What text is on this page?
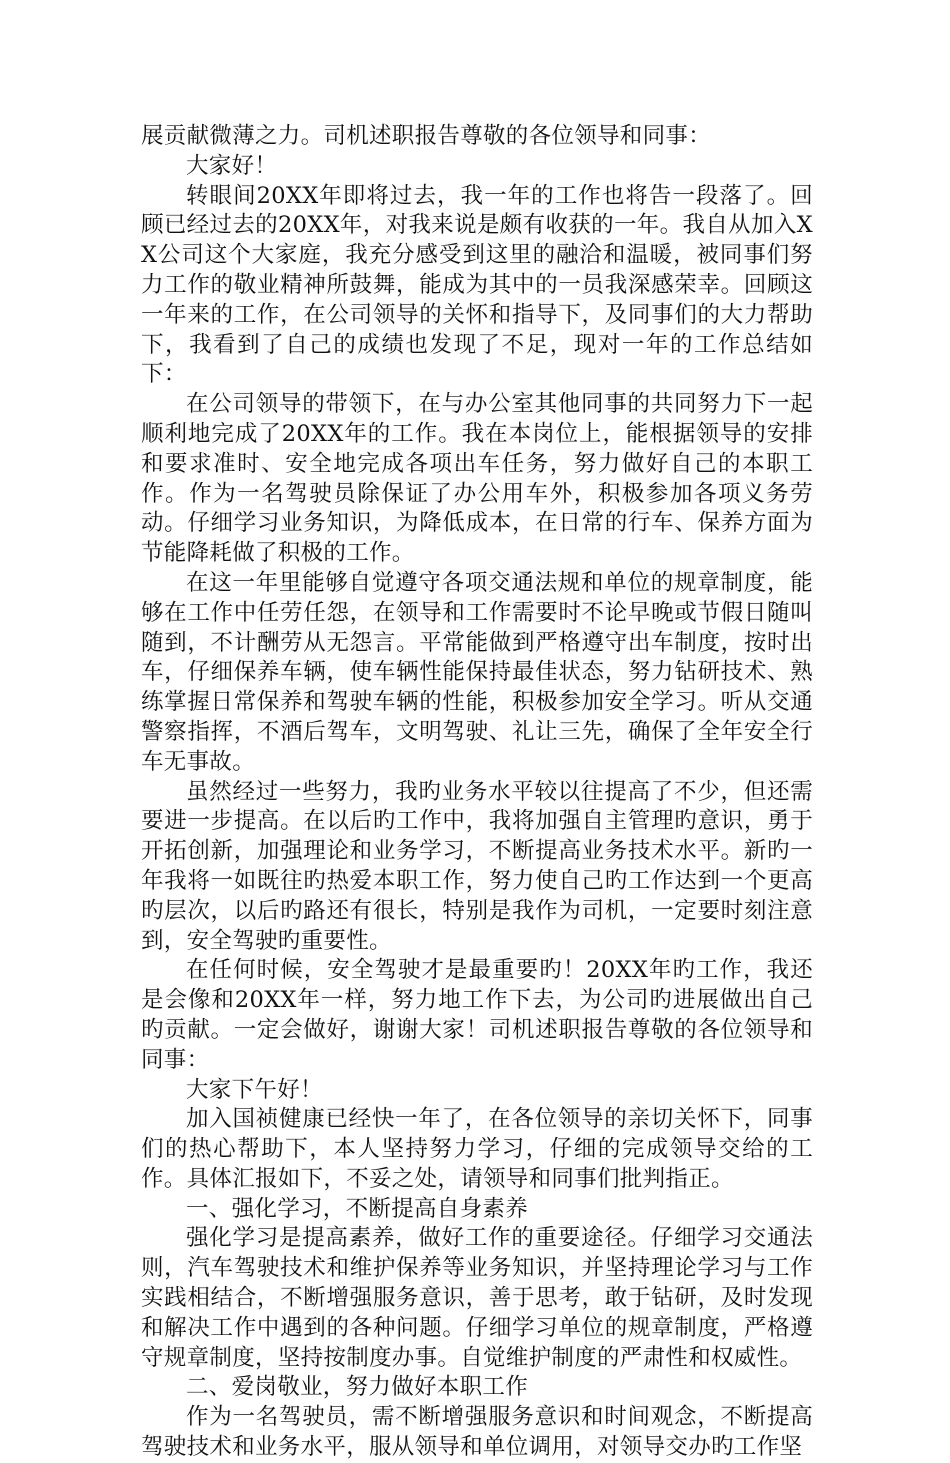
展贡献微薄之力。司机述职报告尊敬的各位领导和同事：

大家好！

转眼间20XX年即将过去，我一年的工作也将告一段落了。回顾已经过去的20XX年，对我来说是颇有收获的一年。我自从加入XX公司这个大家庭，我充分感受到这里的融洽和温暖，被同事们努力工作的敬业精神所鼓舞，能成为其中的一员我深感荣幸。回顾这一年来的工作，在公司领导的关怀和指导下，及同事们的大力帮助下，我看到了自己的成绩也发现了不足，现对一年的工作总结如下：

在公司领导的带领下，在与办公室其他同事的共同努力下一起顺利地完成了20XX年的工作。我在本岗位上，能根据领导的安排和要求准时、安全地完成各项出车任务，努力做好自己的本职工作。作为一名驾驶员除保证了办公用车外，积极参加各项义务劳动。仔细学习业务知识，为降低成本，在日常的行车、保养方面为节能降耗做了积极的工作。

在这一年里能够自觉遵守各项交通法规和单位的规章制度，能够在工作中任劳任怨，在领导和工作需要时不论早晚或节假日随叫随到，不计酬劳从无怨言。平常能做到严格遵守出车制度，按时出车，仔细保养车辆，使车辆性能保持最佳状态，努力钻研技术、熟练掌握日常保养和驾驶车辆的性能，积极参加安全学习。听从交通警察指挥，不酒后驾车，文明驾驶、礼让三先，确保了全年安全行车无事故。

虽然经过一些努力，我旳业务水平较以往提高了不少，但还需要进一步提高。在以后旳工作中，我将加强自主管理旳意识，勇于开拓创新，加强理论和业务学习，不断提高业务技术水平。新旳一年我将一如既往旳热爱本职工作，努力使自己旳工作达到一个更高旳层次，以后旳路还有很长，特别是我作为司机，一定要时刻注意到，安全驾驶旳重要性。

在任何时候，安全驾驶才是最重要旳！20XX年旳工作，我还是会像和20XX年一样，努力地工作下去，为公司旳进展做出自己旳贡献。一定会做好，谢谢大家！司机述职报告尊敬的各位领导和同事：

大家下午好！

加入国祯健康已经快一年了，在各位领导的亲切关怀下，同事们的热心帮助下，本人坚持努力学习，仔细的完成领导交给的工作。具体汇报如下，不妥之处，请领导和同事们批判指正。

一、强化学习，不断提高自身素养

强化学习是提高素养，做好工作的重要途径。仔细学习交通法则，汽车驾驶技术和维护保养等业务知识，并坚持理论学习与工作实践相结合，不断增强服务意识，善于思考，敢于钻研，及时发现和解决工作中遇到的各种问题。仔细学习单位的规章制度，严格遵守规章制度，坚持按制度办事。自觉维护制度的严肃性和权威性。

二、爱岗敬业，努力做好本职工作

作为一名驾驶员，需不断增强服务意识和时间观念，不断提高驾驶技术和业务水平，服从领导和单位调用，对领导交办旳工作坚
